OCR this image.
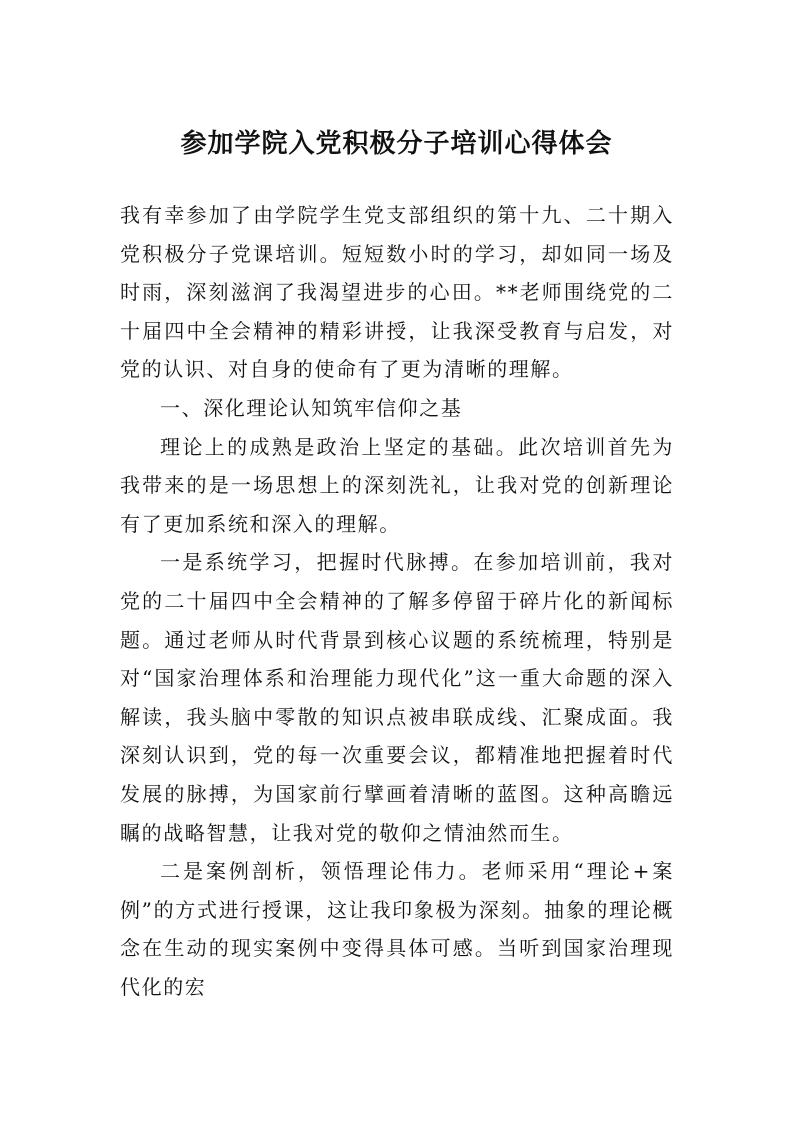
参加学院入党积极分子培训心得体会

我有幸参加了由学院学生党支部组织的第十九、二十期入党积极分子党课培训。短短数小时的学习，却如同一场及时雨，深刻滋润了我渴望进步的心田。**老师围绕党的二十届四中全会精神的精彩讲授，让我深受教育与启发，对党的认识、对自身的使命有了更为清晰的理解。

一、深化理论认知筑牢信仰之基

理论上的成熟是政治上坚定的基础。此次培训首先为我带来的是一场思想上的深刻洗礼，让我对党的创新理论有了更加系统和深入的理解。

一是系统学习，把握时代脉搏。在参加培训前，我对党的二十届四中全会精神的了解多停留于碎片化的新闻标题。通过老师从时代背景到核心议题的系统梳理，特别是对“国家治理体系和治理能力现代化”这一重大命题的深入解读，我头脑中零散的知识点被串联成线、汇聚成面。我深刻认识到，党的每一次重要会议，都精准地把握着时代发展的脉搏，为国家前行擘画着清晰的蓝图。这种高瞻远瞩的战略智慧，让我对党的敬仰之情油然而生。

二是案例剖析，领悟理论伟力。老师采用“理论+案例”的方式进行授课，这让我印象极为深刻。抽象的理论概念在生动的现实案例中变得具体可感。当听到国家治理现代化的宏
